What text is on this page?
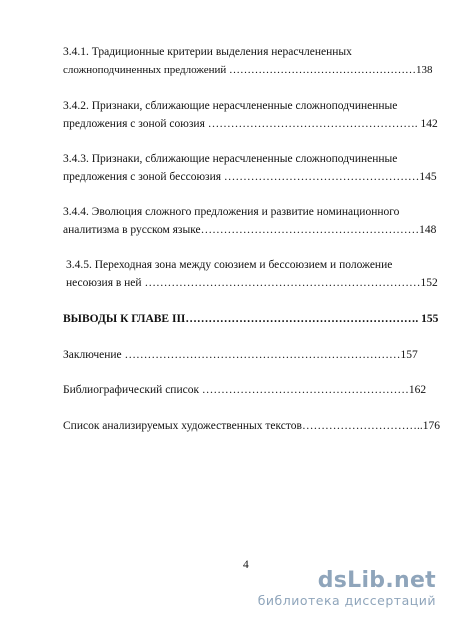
3.4.1. Традиционные критерии выделения нерасчлененных

сложноподчиненных предложений ……………………………………………138

3.4.2. Признаки, сближающие нерасчлененные сложноподчиненные

предложения с зоной союзия ………………………………………………. 142

3.4.3. Признаки, сближающие нерасчлененные сложноподчиненные

предложения с зоной бессоюзия ……………………………………………145

3.4.4. Эволюция сложного предложения и развитие номинационного

аналитизма в русском языке…………………………………………………148

3.4.5. Переходная зона между союзием и бессоюзием и положение

несоюзия в ней ………………………………………………………………152

ВЫВОДЫ К ГЛАВЕ III……………………………………………………. 155

Заключение ………………………………………………………………157

Библиографический список ………………………………………………162

Список анализируемых художественных текстов…………………………..176

4
dsLib.net
библиотека диссертаций
